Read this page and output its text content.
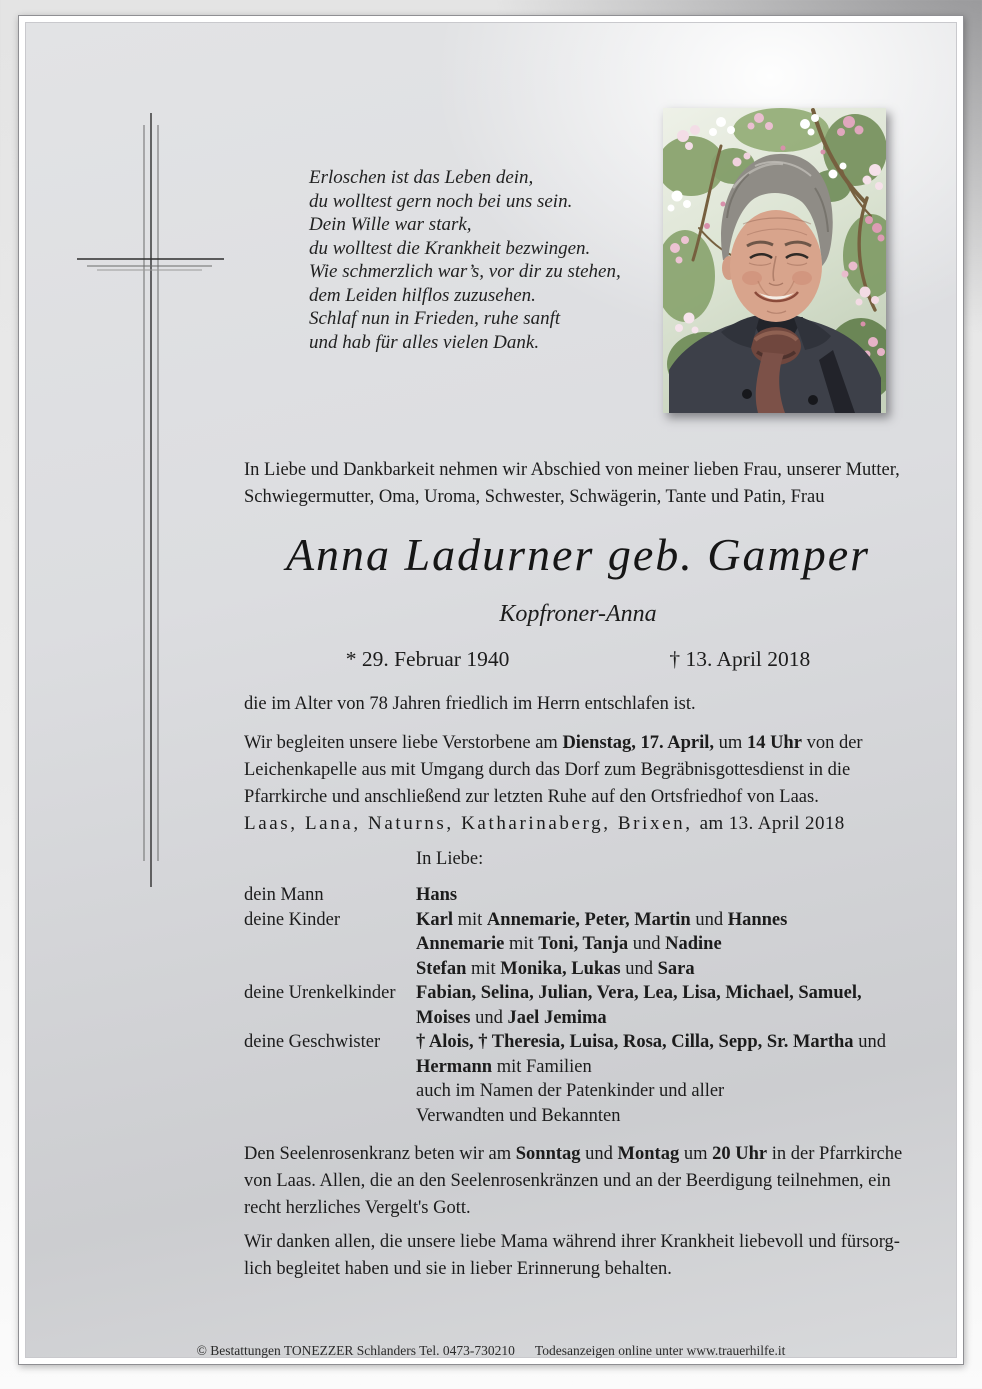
Erloschen ist das Leben dein,
du wolltest gern noch bei uns sein.
Dein Wille war stark,
du wolltest die Krankheit bezwingen.
Wie schmerzlich war’s, vor dir zu stehen,
dem Leiden hilflos zuzusehen.
Schlaf nun in Frieden, ruhe sanft
und hab für alles vielen Dank.
In Liebe und Dankbarkeit nehmen wir Abschied von meiner lieben Frau, unserer Mutter,
Schwiegermutter, Oma, Uroma, Schwester, Schwägerin, Tante und Patin, Frau
Anna Ladurner geb. Gamper
Kopfroner-Anna
* 29. Februar 1940	† 13. April 2018
die im Alter von 78 Jahren friedlich im Herrn entschlafen ist.
Wir begleiten unsere liebe Verstorbene am Dienstag, 17. April, um 14 Uhr von der
Leichenkapelle aus mit Umgang durch das Dorf zum Begräbnisgottesdienst in die
Pfarrkirche und anschließend zur letzten Ruhe auf den Ortsfriedhof von Laas.
Laas, Lana, Naturns, Katharinaberg, Brixen, am 13. April 2018
In Liebe:
dein Mann	Hans
deine Kinder	Karl mit Annemarie, Peter, Martin und Hannes
Annemarie mit Toni, Tanja und Nadine
Stefan mit Monika, Lukas und Sara
deine Urenkelkinder	Fabian, Selina, Julian, Vera, Lea, Lisa, Michael, Samuel,
Moises und Jael Jemima
deine Geschwister	† Alois, † Theresia, Luisa, Rosa, Cilla, Sepp, Sr. Martha und
Hermann mit Familien
auch im Namen der Patenkinder und aller
Verwandten und Bekannten
Den Seelenrosenkranz beten wir am Sonntag und Montag um 20 Uhr in der Pfarrkirche
von Laas. Allen, die an den Seelenrosenkränzen und an der Beerdigung teilnehmen, ein
recht herzliches Vergelt's Gott.
Wir danken allen, die unsere liebe Mama während ihrer Krankheit liebevoll und fürsorg-
lich begleitet haben und sie in lieber Erinnerung behalten.
© Bestattungen TONEZZER Schlanders Tel. 0473-730210 Todesanzeigen online unter www.trauerhilfe.it
